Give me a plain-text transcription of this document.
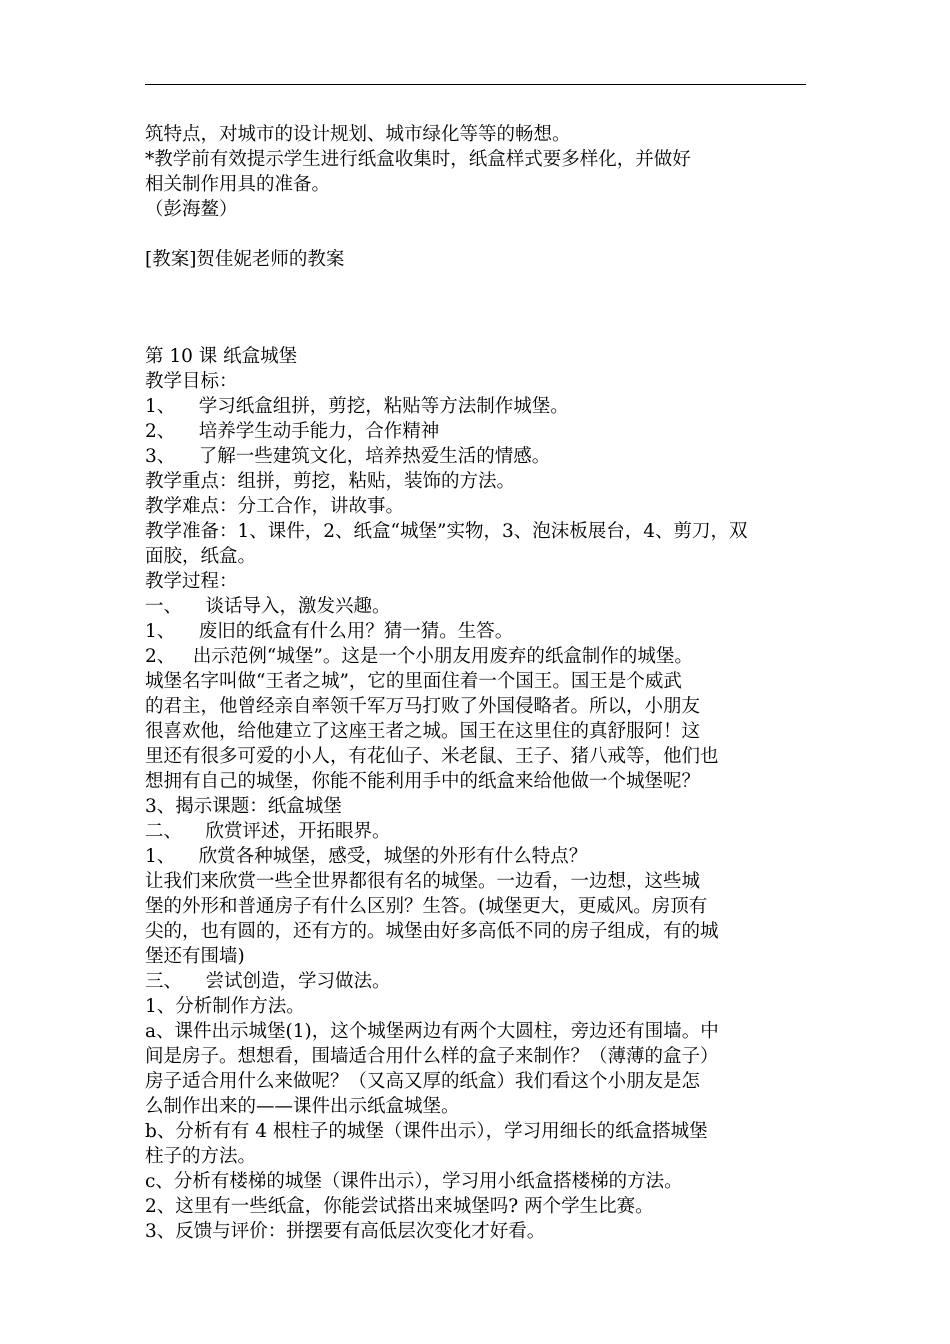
筑特点，对城市的设计规划、城市绿化等等的畅想。
*教学前有效提示学生进行纸盒收集时，纸盒样式要多样化，并做好
相关制作用具的准备。
（彭海鳌）
[教案]贺佳妮老师的教案
第 10 课 纸盒城堡
教学目标：
1、    学习纸盒组拼，剪挖，粘贴等方法制作城堡。
2、    培养学生动手能力，合作精神
3、    了解一些建筑文化，培养热爱生活的情感。
教学重点：组拼，剪挖，粘贴，装饰的方法。
教学难点：分工合作，讲故事。
教学准备：1、课件，2、纸盒“城堡”实物，3、泡沫板展台，4、剪刀，双
面胶，纸盒。
教学过程：
一、    谈话导入，激发兴趣。
1、    废旧的纸盒有什么用？猜一猜。生答。
2、   出示范例“城堡”。这是一个小朋友用废弃的纸盒制作的城堡。
城堡名字叫做“王者之城”，它的里面住着一个国王。国王是个威武
的君主，他曾经亲自率领千军万马打败了外国侵略者。所以，小朋友
很喜欢他，给他建立了这座王者之城。国王在这里住的真舒服阿！这
里还有很多可爱的小人，有花仙子、米老鼠、王子、猪八戒等，他们也
想拥有自己的城堡，你能不能利用手中的纸盒来给他做一个城堡呢？
3、揭示课题：纸盒城堡
二、    欣赏评述，开拓眼界。
1、    欣赏各种城堡，感受，城堡的外形有什么特点？
让我们来欣赏一些全世界都很有名的城堡。一边看，一边想，这些城
堡的外形和普通房子有什么区别？生答。(城堡更大，更威风。房顶有
尖的，也有圆的，还有方的。城堡由好多高低不同的房子组成，有的城
堡还有围墙)
三、    尝试创造，学习做法。
1、分析制作方法。
a、课件出示城堡(1)，这个城堡两边有两个大圆柱，旁边还有围墙。中
间是房子。想想看，围墙适合用什么样的盒子来制作？（薄薄的盒子）
房子适合用什么来做呢？（又高又厚的纸盒）我们看这个小朋友是怎
么制作出来的——课件出示纸盒城堡。
b、分析有有 4 根柱子的城堡（课件出示），学习用细长的纸盒搭城堡
柱子的方法。
c、分析有楼梯的城堡（课件出示），学习用小纸盒搭楼梯的方法。
2、这里有一些纸盒，你能尝试搭出来城堡吗? 两个学生比赛。
3、反馈与评价：拼摆要有高低层次变化才好看。
